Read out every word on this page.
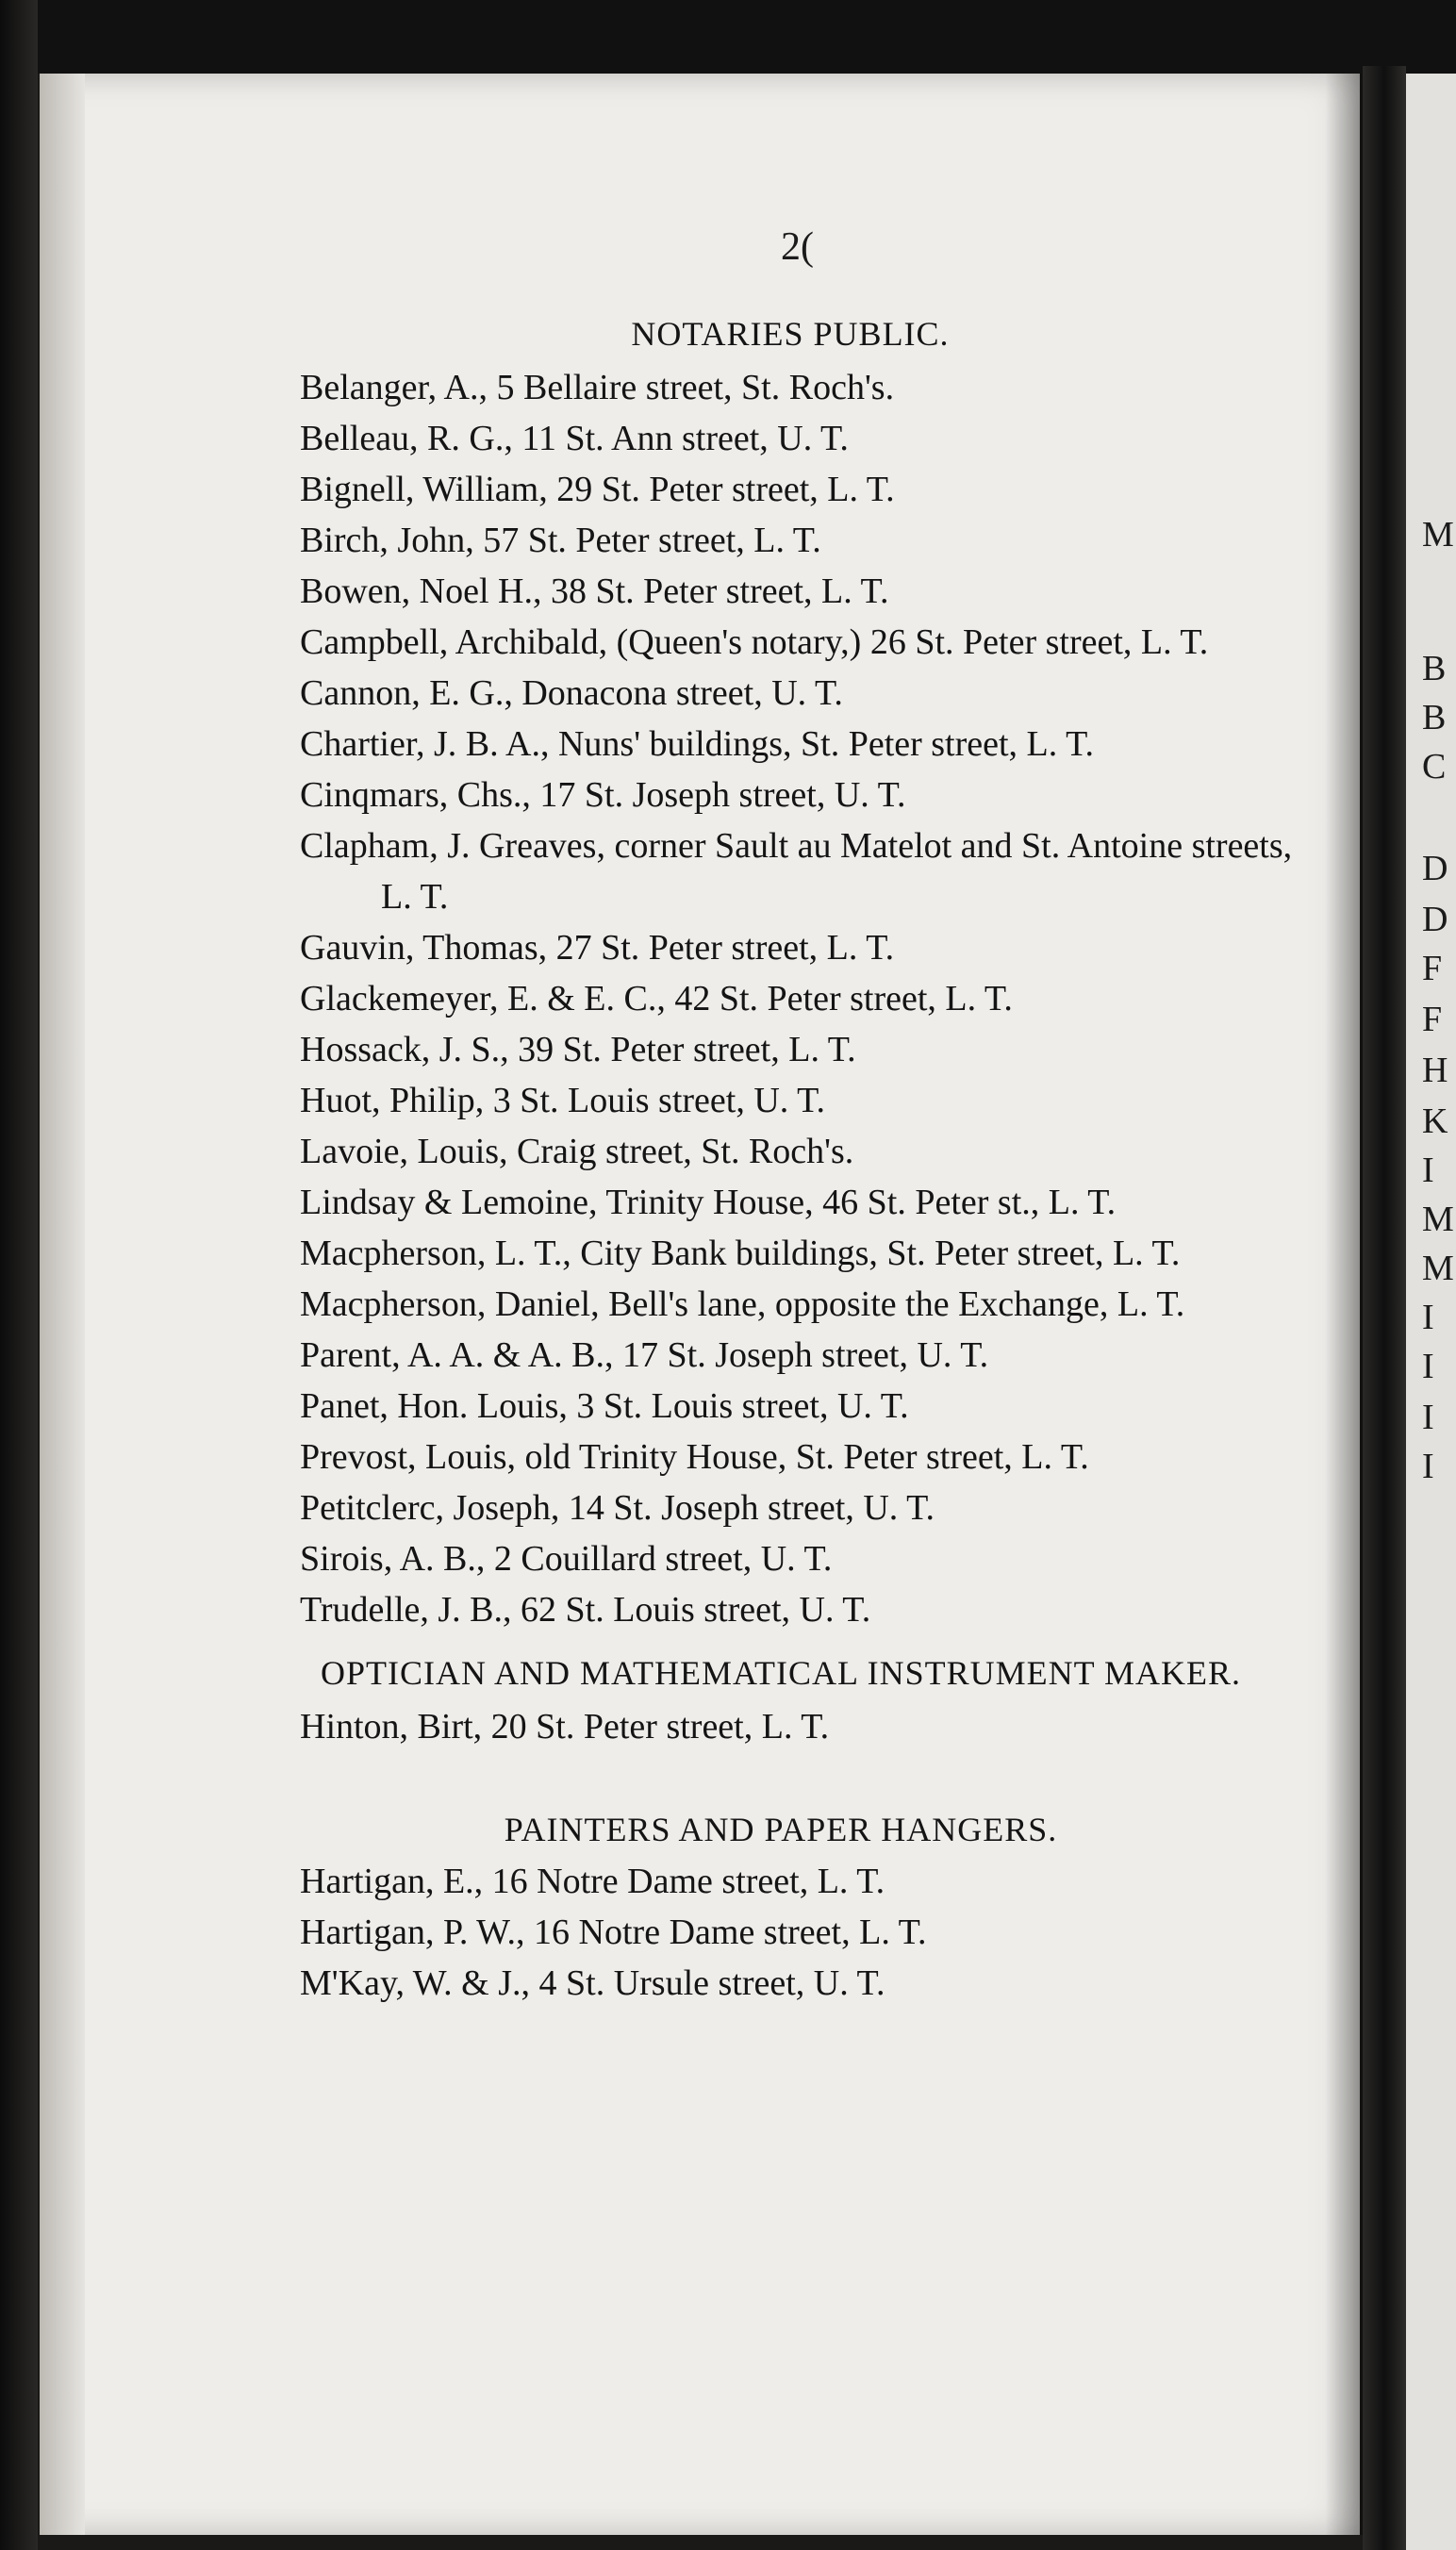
M
B
B
C
D
D
F
F
H
K
I
M
M
I
I
I
I
2(
NOTARIES PUBLIC.

Belanger, A., 5 Bellaire street, St. Roch's.

Belleau, R. G., 11 St. Ann street, U. T.

Bignell, William, 29 St. Peter street, L. T.

Birch, John, 57 St. Peter street, L. T.

Bowen, Noel H., 38 St. Peter street, L. T.

Campbell, Archibald, (Queen's notary,) 26 St. Peter street, L. T.

Cannon, E. G., Donacona street, U. T.

Chartier, J. B. A., Nuns' buildings, St. Peter street, L. T.

Cinqmars, Chs., 17 St. Joseph street, U. T.

Clapham, J. Greaves, corner Sault au Matelot and St. Antoine streets, L. T.

Gauvin, Thomas, 27 St. Peter street, L. T.

Glackemeyer, E. & E. C., 42 St. Peter street, L. T.

Hossack, J. S., 39 St. Peter street, L. T.

Huot, Philip, 3 St. Louis street, U. T.

Lavoie, Louis, Craig street, St. Roch's.

Lindsay & Lemoine, Trinity House, 46 St. Peter st., L. T.

Macpherson, L. T., City Bank buildings, St. Peter street, L. T.

Macpherson, Daniel, Bell's lane, opposite the Exchange, L. T.

Parent, A. A. & A. B., 17 St. Joseph street, U. T.

Panet, Hon. Louis, 3 St. Louis street, U. T.

Prevost, Louis, old Trinity House, St. Peter street, L. T.

Petitclerc, Joseph, 14 St. Joseph street, U. T.

Sirois, A. B., 2 Couillard street, U. T.

Trudelle, J. B., 62 St. Louis street, U. T.

OPTICIAN AND MATHEMATICAL INSTRUMENT MAKER.

Hinton, Birt, 20 St. Peter street, L. T.

PAINTERS AND PAPER HANGERS.

Hartigan, E., 16 Notre Dame street, L. T.

Hartigan, P. W., 16 Notre Dame street, L. T.

M'Kay, W. & J., 4 St. Ursule street, U. T.
